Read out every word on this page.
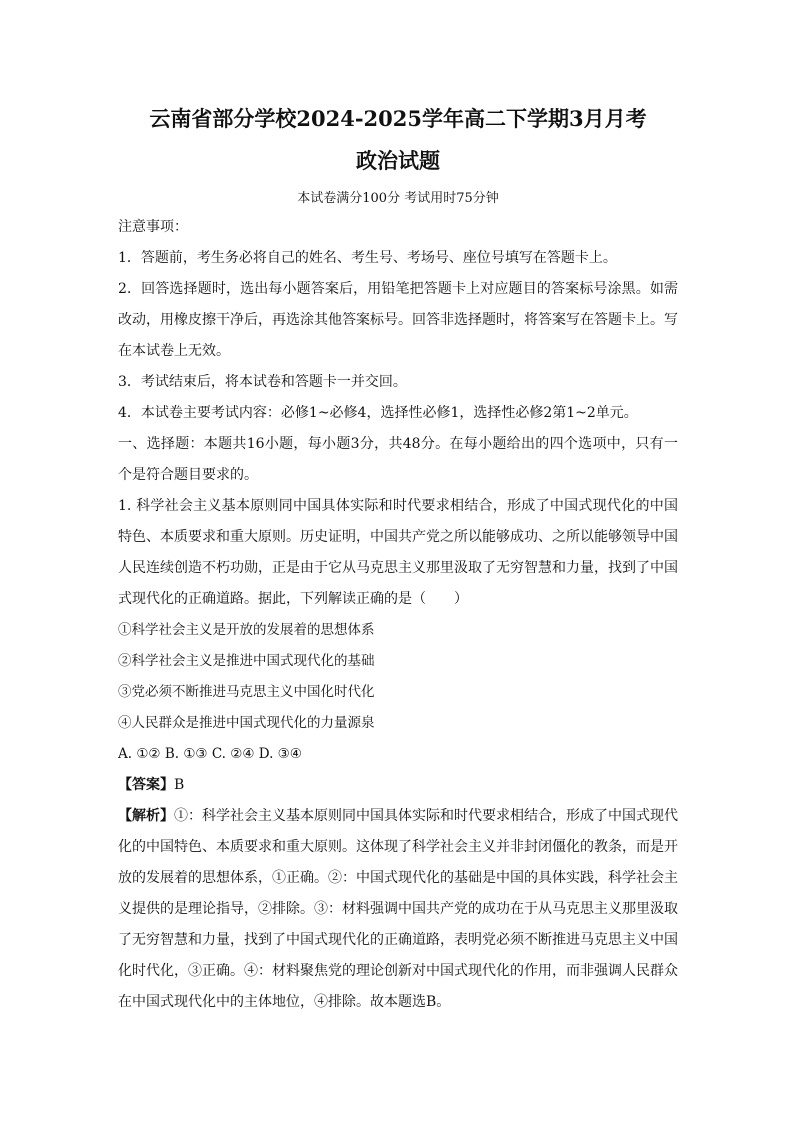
云南省部分学校2024-2025学年高二下学期3月月考
政治试题
本试卷满分100分 考试用时75分钟

注意事项：

1．答题前，考生务必将自己的姓名、考生号、考场号、座位号填写在答题卡上。

2．回答选择题时，选出每小题答案后，用铅笔把答题卡上对应题目的答案标号涂黑。如需改动，用橡皮擦干净后，再选涂其他答案标号。回答非选择题时，将答案写在答题卡上。写在本试卷上无效。

3．考试结束后，将本试卷和答题卡一并交回。

4．本试卷主要考试内容：必修1~必修4，选择性必修1，选择性必修2第1~2单元。

一、选择题：本题共16小题，每小题3分，共48分。在每小题给出的四个选项中，只有一个是符合题目要求的。

1. 科学社会主义基本原则同中国具体实际和时代要求相结合，形成了中国式现代化的中国特色、本质要求和重大原则。历史证明，中国共产党之所以能够成功、之所以能够领导中国人民连续创造不朽功勋，正是由于它从马克思主义那里汲取了无穷智慧和力量，找到了中国式现代化的正确道路。据此，下列解读正确的是（　　）

①科学社会主义是开放的发展着的思想体系

②科学社会主义是推进中国式现代化的基础

③党必须不断推进马克思主义中国化时代化

④人民群众是推进中国式现代化的力量源泉

A. ①② B. ①③ C. ②④ D. ③④

【答案】B

【解析】①：科学社会主义基本原则同中国具体实际和时代要求相结合，形成了中国式现代化的中国特色、本质要求和重大原则。这体现了科学社会主义并非封闭僵化的教条，而是开放的发展着的思想体系，①正确。②：中国式现代化的基础是中国的具体实践，科学社会主义提供的是理论指导，②排除。③：材料强调中国共产党的成功在于从马克思主义那里汲取了无穷智慧和力量，找到了中国式现代化的正确道路，表明党必须不断推进马克思主义中国化时代化，③正确。④：材料聚焦党的理论创新对中国式现代化的作用，而非强调人民群众在中国式现代化中的主体地位，④排除。故本题选B。
